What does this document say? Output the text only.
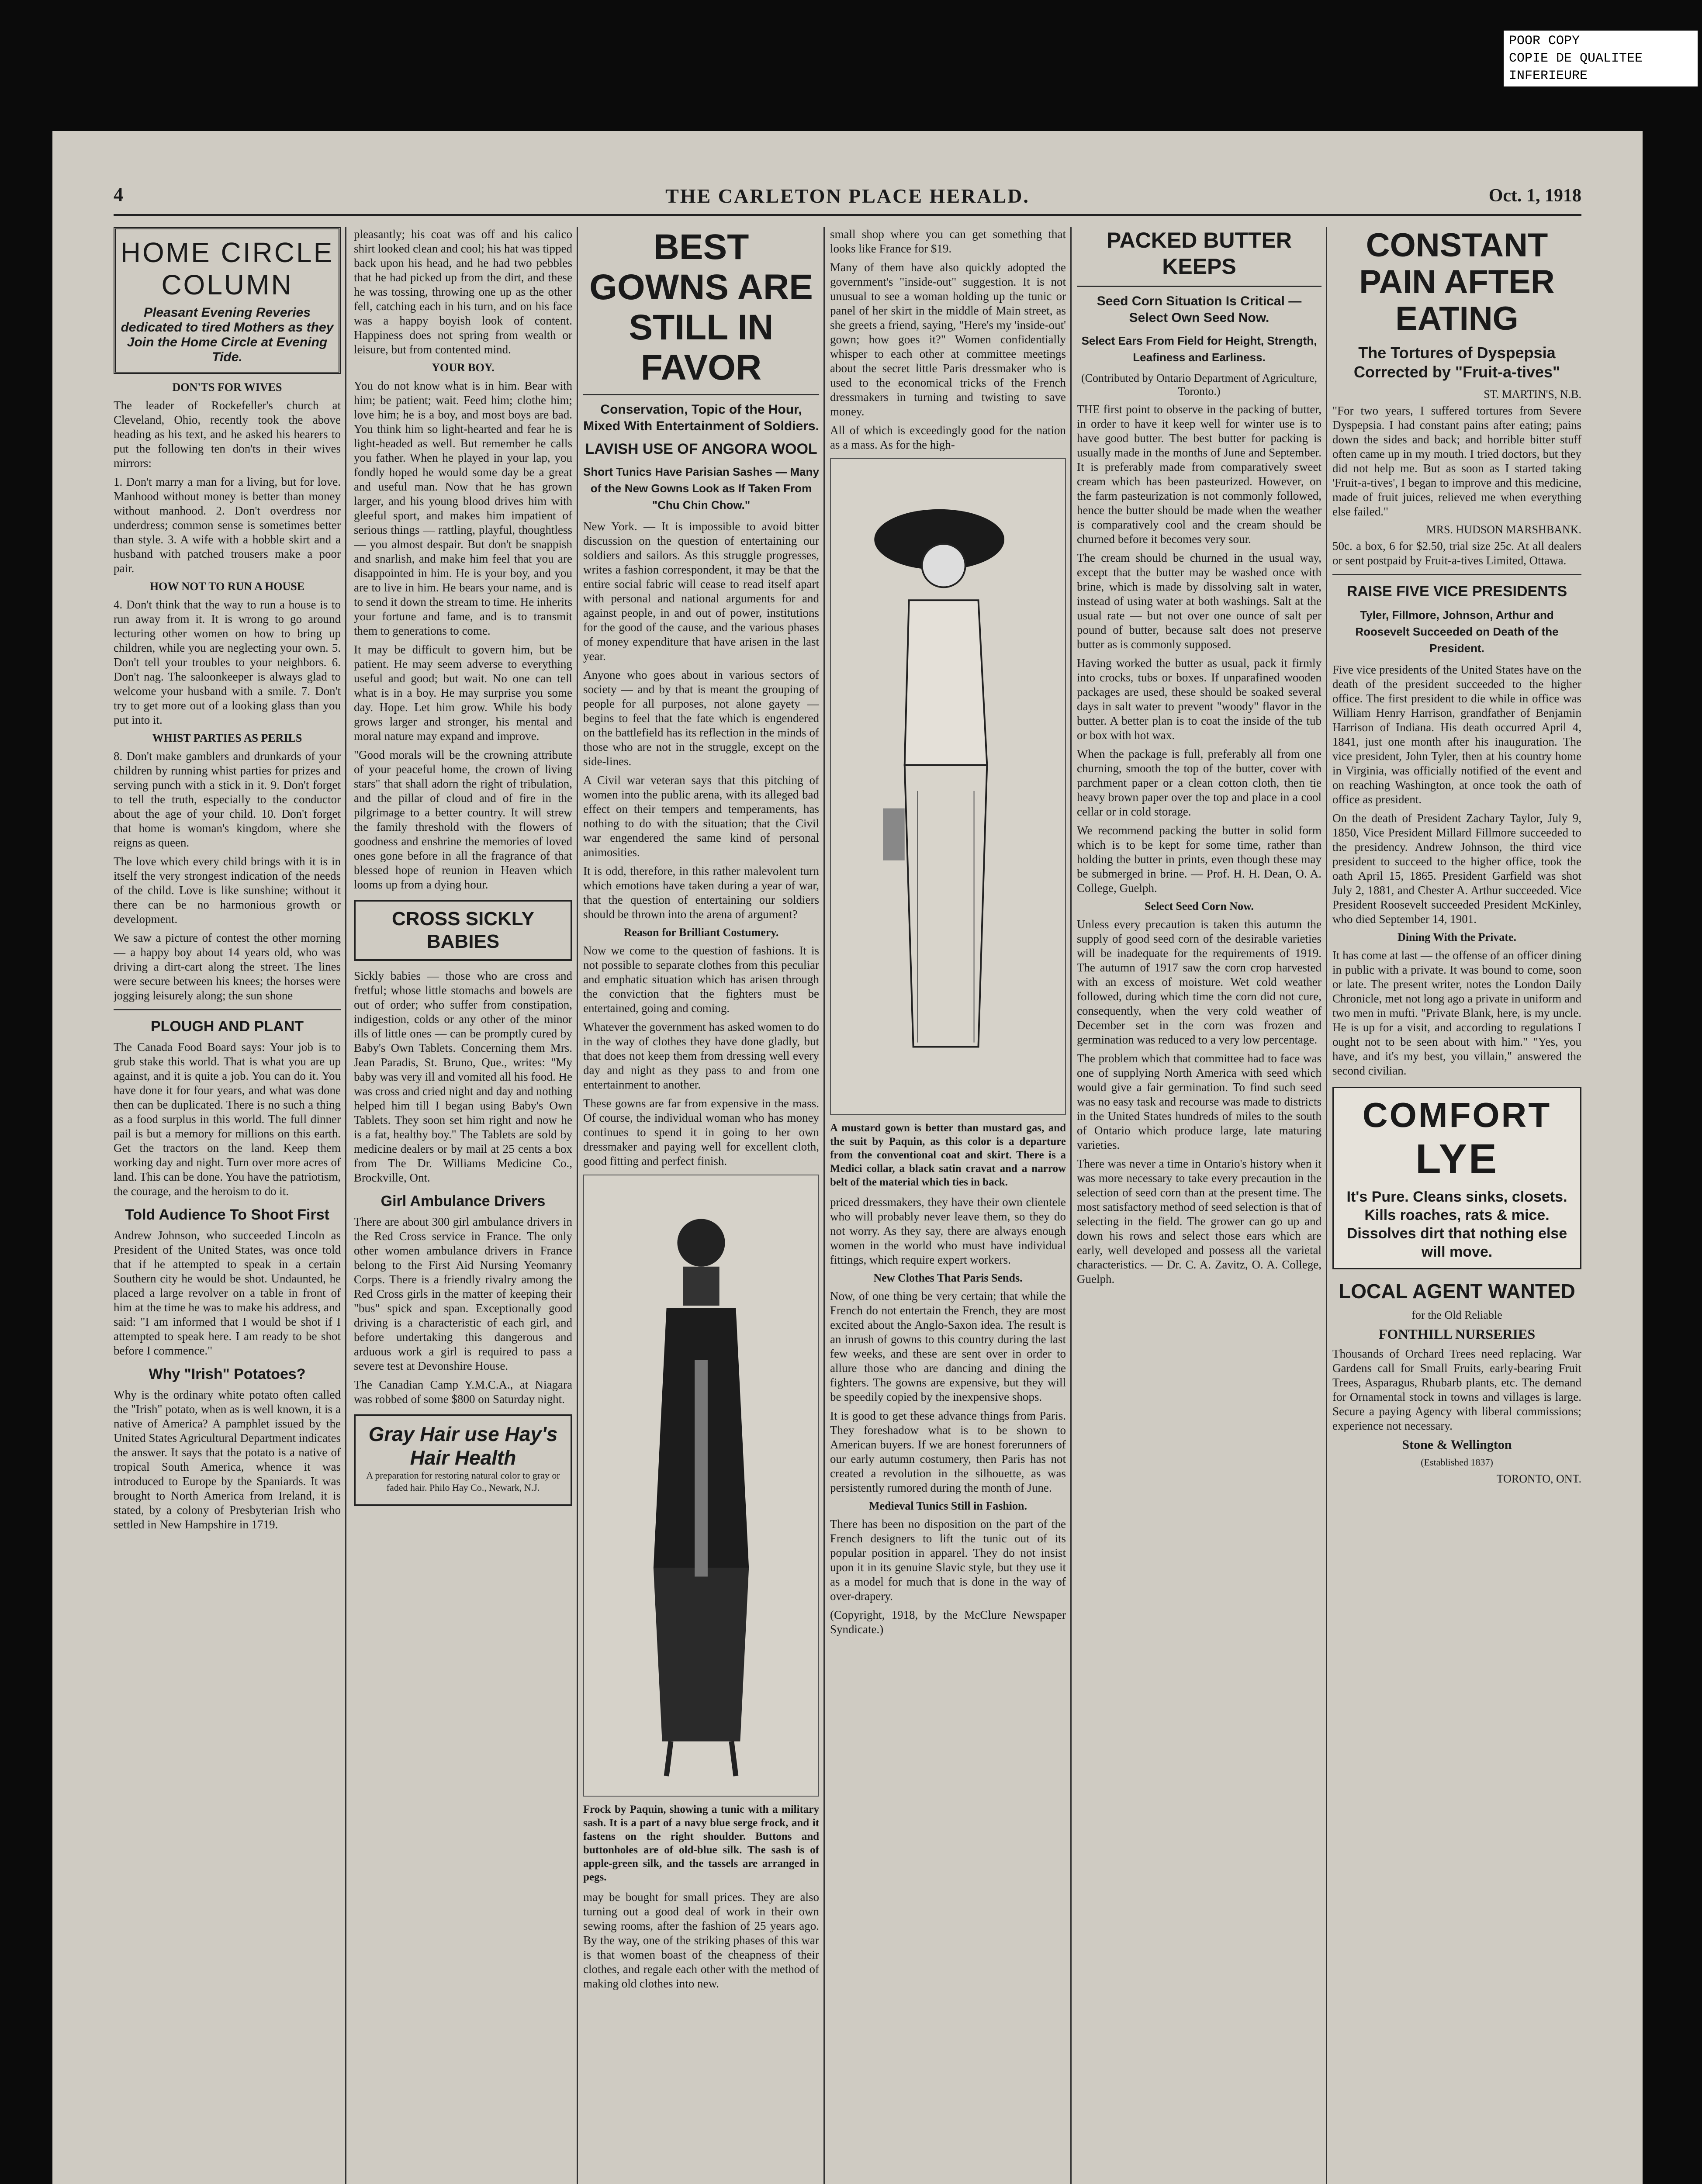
POOR COPY
COPIE DE QUALITEE INFERIEURE
4	THE CARLETON PLACE HERALD.	Oct. 1, 1918
HOME CIRCLE COLUMN
Pleasant Evening Reveries dedicated to tired Mothers as they Join the Home Circle at Evening Tide.
DON'TS FOR WIVES

The leader of Rockefeller's church at Cleveland, Ohio, recently took the above heading as his text, and he asked his hearers to put the following ten don'ts in their wives mirrors:

1. Don't marry a man for a living, but for love. Manhood without money is better than money without manhood. 2. Don't overdress nor underdress; common sense is sometimes better than style. 3. A wife with a hobble skirt and a husband with patched trousers make a poor pair.

HOW NOT TO RUN A HOUSE

4. Don't think that the way to run a house is to run away from it. It is wrong to go around lecturing other women on how to bring up children, while you are neglecting your own. 5. Don't tell your troubles to your neighbors. 6. Don't nag. The saloonkeeper is always glad to welcome your husband with a smile. 7. Don't try to get more out of a looking glass than you put into it.

WHIST PARTIES AS PERILS

8. Don't make gamblers and drunkards of your children by running whist parties for prizes and serving punch with a stick in it. 9. Don't forget to tell the truth, especially to the conductor about the age of your child. 10. Don't forget that home is woman's kingdom, where she reigns as queen.

The love which every child brings with it is in itself the very strongest indication of the needs of the child. Love is like sunshine; without it there can be no harmonious growth or development.

We saw a picture of contest the other morning — a happy boy about 14 years old, who was driving a dirt-cart along the street. The lines were secure between his knees; the horses were jogging leisurely along; the sun shone

PLOUGH AND PLANT

The Canada Food Board says: Your job is to grub stake this world. That is what you are up against, and it is quite a job. You can do it. You have done it for four years, and what was done then can be duplicated. There is no such a thing as a food surplus in this world. The full dinner pail is but a memory for millions on this earth. Get the tractors on the land. Keep them working day and night. Turn over more acres of land. This can be done. You have the patriotism, the courage, and the heroism to do it.

Told Audience To Shoot First

Andrew Johnson, who succeeded Lincoln as President of the United States, was once told that if he attempted to speak in a certain Southern city he would be shot. Undaunted, he placed a large revolver on a table in front of him at the time he was to make his address, and said: "I am informed that I would be shot if I attempted to speak here. I am ready to be shot before I commence."

Why "Irish" Potatoes?

Why is the ordinary white potato often called the "Irish" potato, when as is well known, it is a native of America? A pamphlet issued by the United States Agricultural Department indicates the answer. It says that the potato is a native of tropical South America, whence it was introduced to Europe by the Spaniards. It was brought to North America from Ireland, it is stated, by a colony of Presbyterian Irish who settled in New Hampshire in 1719.

pleasantly; his coat was off and his calico shirt looked clean and cool; his hat was tipped back upon his head, and he had two pebbles that he had picked up from the dirt, and these he was tossing, throwing one up as the other fell, catching each in his turn, and on his face was a happy boyish look of content. Happiness does not spring from wealth or leisure, but from contented mind.

YOUR BOY.

You do not know what is in him. Bear with him; be patient; wait. Feed him; clothe him; love him; he is a boy, and most boys are bad. You think him so light-hearted and fear he is light-headed as well. But remember he calls you father. When he played in your lap, you fondly hoped he would some day be a great and useful man. Now that he has grown larger, and his young blood drives him with gleeful sport, and makes him impatient of serious things — rattling, playful, thoughtless — you almost despair. But don't be snappish and snarlish, and make him feel that you are disappointed in him. He is your boy, and you are to live in him. He bears your name, and is to send it down the stream to time. He inherits your fortune and fame, and is to transmit them to generations to come.

It may be difficult to govern him, but be patient. He may seem adverse to everything useful and good; but wait. No one can tell what is in a boy. He may surprise you some day. Hope. Let him grow. While his body grows larger and stronger, his mental and moral nature may expand and improve.

"Good morals will be the crowning attribute of your peaceful home, the crown of living stars" that shall adorn the right of tribulation, and the pillar of cloud and of fire in the pilgrimage to a better country. It will strew the family threshold with the flowers of goodness and enshrine the memories of loved ones gone before in all the fragrance of that blessed hope of reunion in Heaven which looms up from a dying hour.

CROSS SICKLY BABIES

Sickly babies — those who are cross and fretful; whose little stomachs and bowels are out of order; who suffer from constipation, indigestion, colds or any other of the minor ills of little ones — can be promptly cured by Baby's Own Tablets. Concerning them Mrs. Jean Paradis, St. Bruno, Que., writes: "My baby was very ill and vomited all his food. He was cross and cried night and day and nothing helped him till I began using Baby's Own Tablets. They soon set him right and now he is a fat, healthy boy." The Tablets are sold by medicine dealers or by mail at 25 cents a box from The Dr. Williams Medicine Co., Brockville, Ont.

Girl Ambulance Drivers

There are about 300 girl ambulance drivers in the Red Cross service in France. The only other women ambulance drivers in France belong to the First Aid Nursing Yeomanry Corps. There is a friendly rivalry among the Red Cross girls in the matter of keeping their "bus" spick and span. Exceptionally good driving is a characteristic of each girl, and before undertaking this dangerous and arduous work a girl is required to pass a severe test at Devonshire House.

The Canadian Camp Y.M.C.A., at Niagara was robbed of some $800 on Saturday night.

Gray Hair use Hay's Hair Health
A preparation for restoring natural color to gray or faded hair. Philo Hay Co., Newark, N.J.
BEST GOWNS ARE STILL IN FAVOR
Conservation, Topic of the Hour, Mixed With Entertainment of Soldiers.
LAVISH USE OF ANGORA WOOL
Short Tunics Have Parisian Sashes — Many of the New Gowns Look as If Taken From "Chu Chin Chow."

New York. — It is impossible to avoid bitter discussion on the question of entertaining our soldiers and sailors. As this struggle progresses, writes a fashion correspondent, it may be that the entire social fabric will cease to read itself apart with personal and national arguments for and against people, in and out of power, institutions for the good of the cause, and the various phases of money expenditure that have arisen in the last year.

Anyone who goes about in various sectors of society — and by that is meant the grouping of people for all purposes, not alone gayety — begins to feel that the fate which is engendered on the battlefield has its reflection in the minds of those who are not in the struggle, except on the side-lines.

A Civil war veteran says that this pitching of women into the public arena, with its alleged bad effect on their tempers and temperaments, has nothing to do with the situation; that the Civil war engendered the same kind of personal animosities.

It is odd, therefore, in this rather malevolent turn which emotions have taken during a year of war, that the question of entertaining our soldiers should be thrown into the arena of argument?

Reason for Brilliant Costumery.

Now we come to the question of fashions. It is not possible to separate clothes from this peculiar and emphatic situation which has arisen through the conviction that the fighters must be entertained, going and coming.

Whatever the government has asked women to do in the way of clothes they have done gladly, but that does not keep them from dressing well every day and night as they pass to and from one entertainment to another.

These gowns are far from expensive in the mass. Of course, the individual woman who has money continues to spend it in going to her own dressmaker and paying well for excellent cloth, good fitting and perfect finish.

Frock by Paquin, showing a tunic with a military sash. It is a part of a navy blue serge frock, and it fastens on the right shoulder. Buttons and buttonholes are of old-blue silk. The sash is of apple-green silk, and the tassels are arranged in pegs.

may be bought for small prices. They are also turning out a good deal of work in their own sewing rooms, after the fashion of 25 years ago. By the way, one of the striking phases of this war is that women boast of the cheapness of their clothes, and regale each other with the method of making old clothes into new.

small shop where you can get something that looks like France for $19.

Many of them have also quickly adopted the government's "inside-out" suggestion. It is not unusual to see a woman holding up the tunic or panel of her skirt in the middle of Main street, as she greets a friend, saying, "Here's my 'inside-out' gown; how goes it?" Women confidentially whisper to each other at committee meetings about the secret little Paris dressmaker who is used to the economical tricks of the French dressmakers in turning and twisting to save money.

All of which is exceedingly good for the nation as a mass. As for the high-

A mustard gown is better than mustard gas, and the suit by Paquin, as this color is a departure from the conventional coat and skirt. There is a Medici collar, a black satin cravat and a narrow belt of the material which ties in back.

priced dressmakers, they have their own clientele who will probably never leave them, so they do not worry. As they say, there are always enough women in the world who must have individual fittings, which require expert workers.

New Clothes That Paris Sends.

Now, of one thing be very certain; that while the French do not entertain the French, they are most excited about the Anglo-Saxon idea. The result is an inrush of gowns to this country during the last few weeks, and these are sent over in order to allure those who are dancing and dining the fighters. The gowns are expensive, but they will be speedily copied by the inexpensive shops.

It is good to get these advance things from Paris. They foreshadow what is to be shown to American buyers. If we are honest forerunners of our early autumn costumery, then Paris has not created a revolution in the silhouette, as was persistently rumored during the month of June.

Medieval Tunics Still in Fashion.

There has been no disposition on the part of the French designers to lift the tunic out of its popular position in apparel. They do not insist upon it in its genuine Slavic style, but they use it as a model for much that is done in the way of over-drapery.

(Copyright, 1918, by the McClure Newspaper Syndicate.)

PACKED BUTTER KEEPS
Seed Corn Situation Is Critical — Select Own Seed Now.
Select Ears From Field for Height, Strength, Leafiness and Earliness.
(Contributed by Ontario Department of Agriculture, Toronto.)

THE first point to observe in the packing of butter, in order to have it keep well for winter use is to have good butter. The best butter for packing is usually made in the months of June and September. It is preferably made from comparatively sweet cream which has been pasteurized. However, on the farm pasteurization is not commonly followed, hence the butter should be made when the weather is comparatively cool and the cream should be churned before it becomes very sour.

The cream should be churned in the usual way, except that the butter may be washed once with brine, which is made by dissolving salt in water, instead of using water at both washings. Salt at the usual rate — but not over one ounce of salt per pound of butter, because salt does not preserve butter as is commonly supposed.

Having worked the butter as usual, pack it firmly into crocks, tubs or boxes. If unparafined wooden packages are used, these should be soaked several days in salt water to prevent "woody" flavor in the butter. A better plan is to coat the inside of the tub or box with hot wax.

When the package is full, preferably all from one churning, smooth the top of the butter, cover with parchment paper or a clean cotton cloth, then tie heavy brown paper over the top and place in a cool cellar or in cold storage.

We recommend packing the butter in solid form which is to be kept for some time, rather than holding the butter in prints, even though these may be submerged in brine. — Prof. H. H. Dean, O. A. College, Guelph.

Select Seed Corn Now.

Unless every precaution is taken this autumn the supply of good seed corn of the desirable varieties will be inadequate for the requirements of 1919. The autumn of 1917 saw the corn crop harvested with an excess of moisture. Wet cold weather followed, during which time the corn did not cure, consequently, when the very cold weather of December set in the corn was frozen and germination was reduced to a very low percentage.

The problem which that committee had to face was one of supplying North America with seed which would give a fair germination. To find such seed was no easy task and recourse was made to districts in the United States hundreds of miles to the south of Ontario which produce large, late maturing varieties.

There was never a time in Ontario's history when it was more necessary to take every precaution in the selection of seed corn than at the present time. The most satisfactory method of seed selection is that of selecting in the field. The grower can go up and down his rows and select those ears which are early, well developed and possess all the varietal characteristics. — Dr. C. A. Zavitz, O. A. College, Guelph.

CONSTANT PAIN AFTER EATING
The Tortures of Dyspepsia Corrected by "Fruit-a-tives"
ST. MARTIN'S, N.B.

"For two years, I suffered tortures from Severe Dyspepsia. I had constant pains after eating; pains down the sides and back; and horrible bitter stuff often came up in my mouth. I tried doctors, but they did not help me. But as soon as I started taking 'Fruit-a-tives', I began to improve and this medicine, made of fruit juices, relieved me when everything else failed."

MRS. HUDSON MARSHBANK.

50c. a box, 6 for $2.50, trial size 25c. At all dealers or sent postpaid by Fruit-a-tives Limited, Ottawa.

RAISE FIVE VICE PRESIDENTS
Tyler, Fillmore, Johnson, Arthur and Roosevelt Succeeded on Death of the President.

Five vice presidents of the United States have on the death of the president succeeded to the higher office. The first president to die while in office was William Henry Harrison, grandfather of Benjamin Harrison of Indiana. His death occurred April 4, 1841, just one month after his inauguration. The vice president, John Tyler, then at his country home in Virginia, was officially notified of the event and on reaching Washington, at once took the oath of office as president.

On the death of President Zachary Taylor, July 9, 1850, Vice President Millard Fillmore succeeded to the presidency. Andrew Johnson, the third vice president to succeed to the higher office, took the oath April 15, 1865. President Garfield was shot July 2, 1881, and Chester A. Arthur succeeded. Vice President Roosevelt succeeded President McKinley, who died September 14, 1901.

Dining With the Private.

It has come at last — the offense of an officer dining in public with a private. It was bound to come, soon or late. The present writer, notes the London Daily Chronicle, met not long ago a private in uniform and two men in mufti. "Private Blank, here, is my uncle. He is up for a visit, and according to regulations I ought not to be seen about with him." "Yes, you have, and it's my best, you villain," answered the second civilian.

COMFORT
LYE
It's Pure. Cleans sinks, closets. Kills roaches, rats & mice. Dissolves dirt that nothing else will move.
LOCAL AGENT WANTED
for the Old Reliable
FONTHILL NURSERIES

Thousands of Orchard Trees need replacing. War Gardens call for Small Fruits, early-bearing Fruit Trees, Asparagus, Rhubarb plants, etc. The demand for Ornamental stock in towns and villages is large. Secure a paying Agency with liberal commissions; experience not necessary.

Stone & Wellington
(Established 1837)
TORONTO, ONT.
